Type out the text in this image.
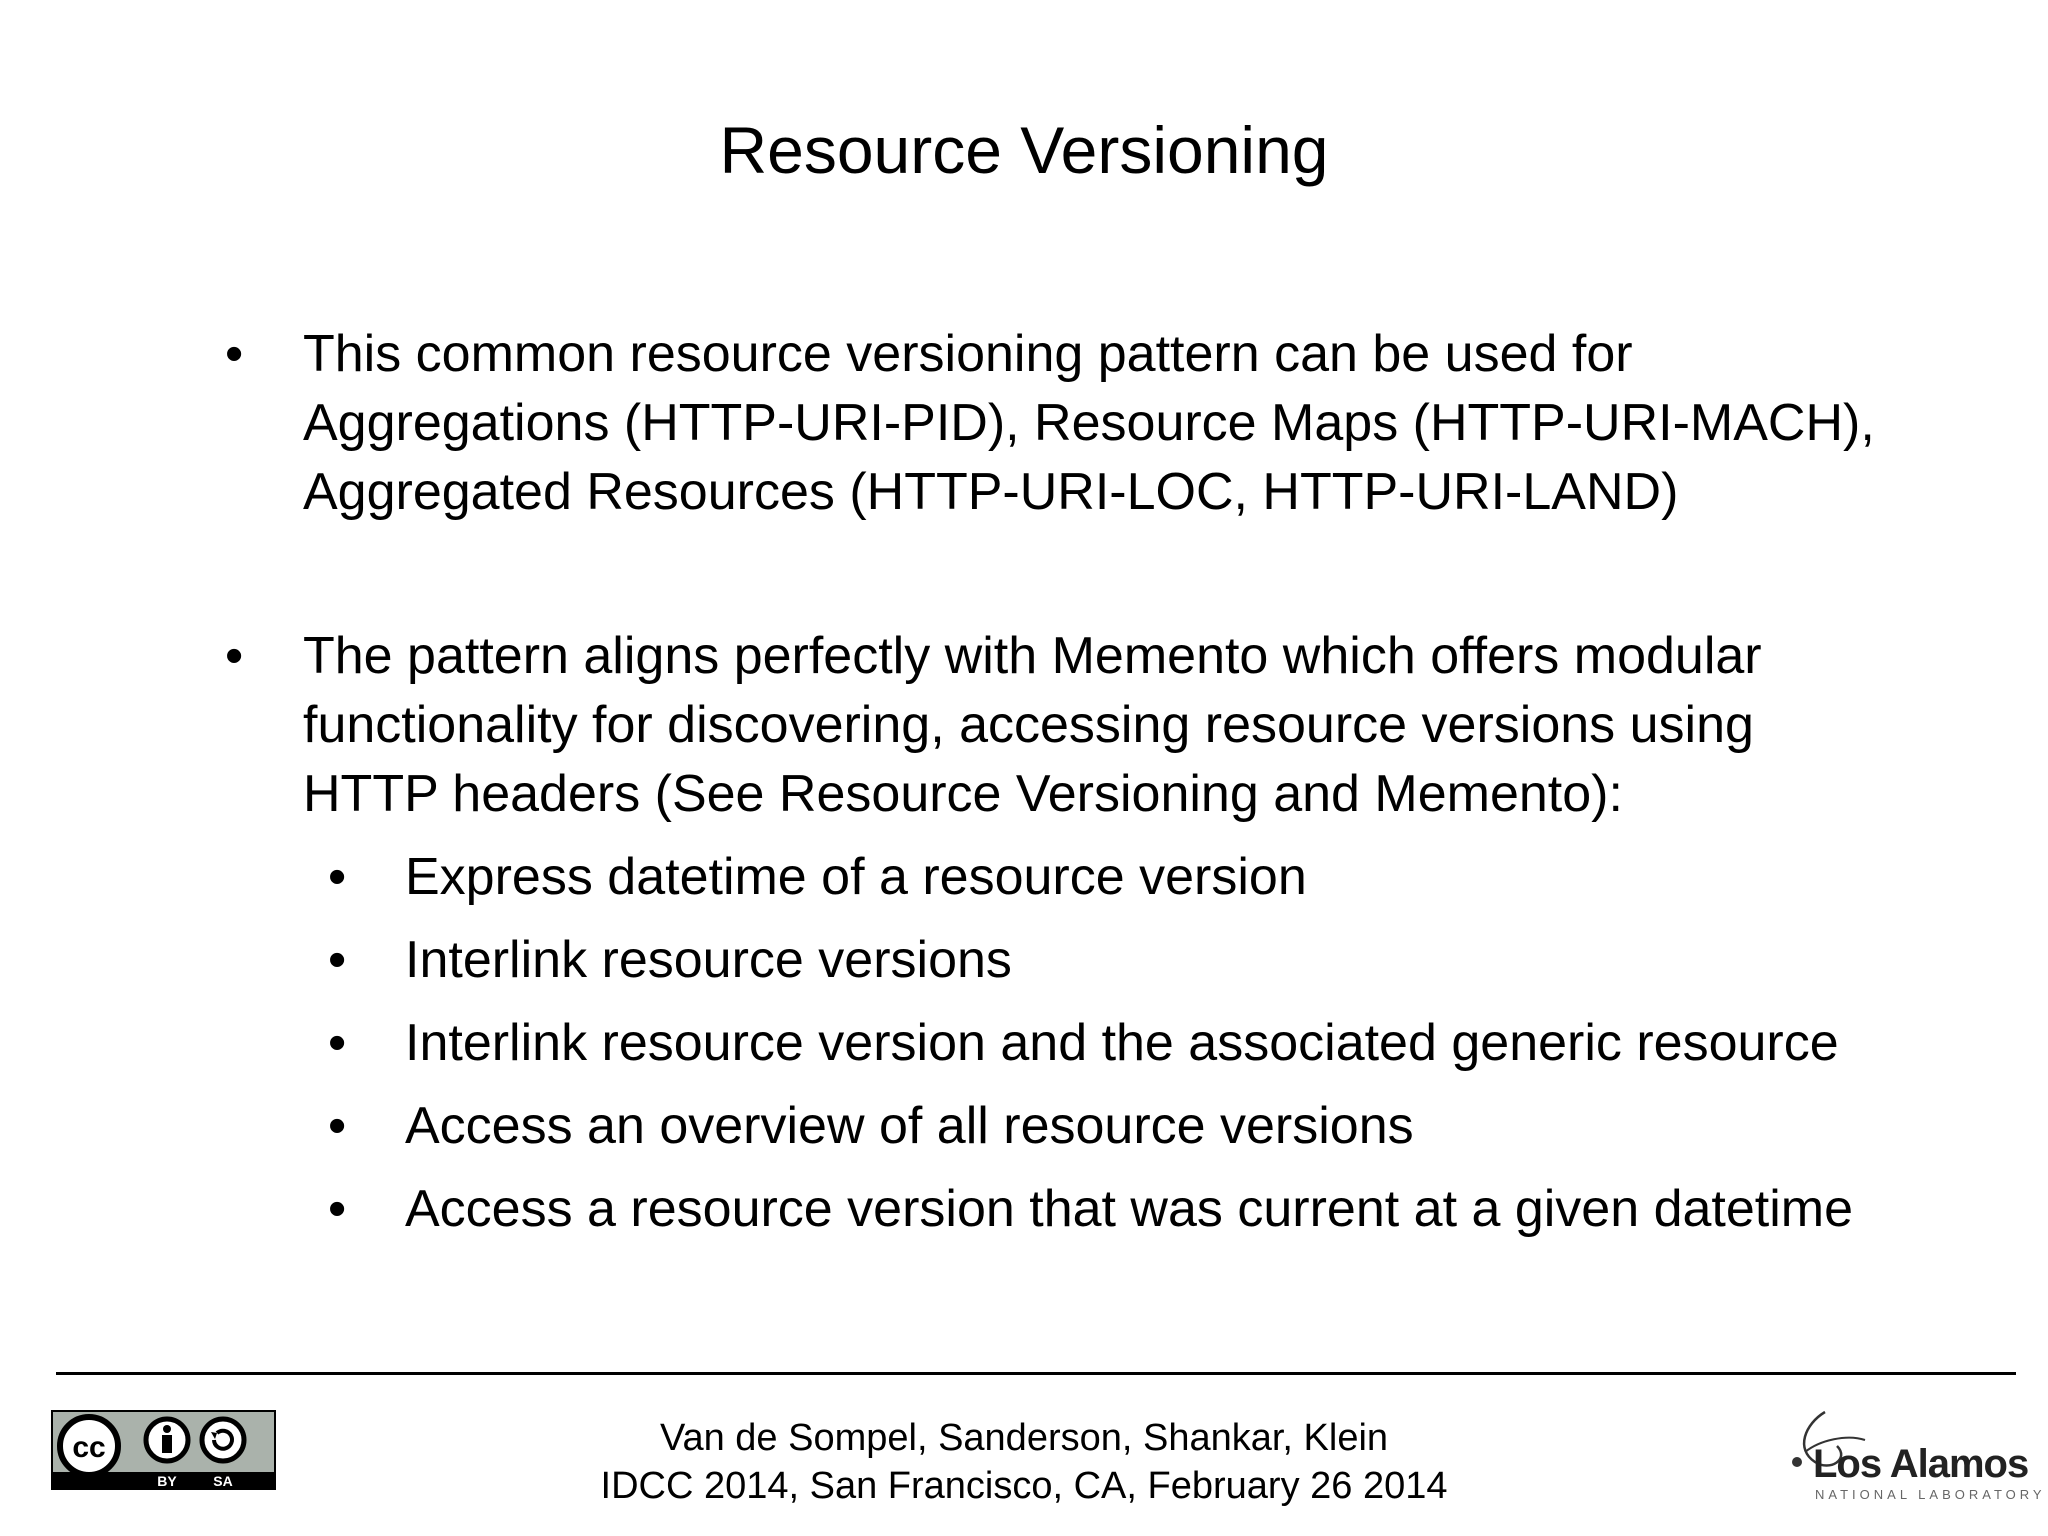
Resource Versioning
• This common resource versioning pattern can be used for
Aggregations (HTTP-URI-PID), Resource Maps (HTTP-URI-MACH),
Aggregated Resources (HTTP-URI-LOC, HTTP-URI-LAND)
• The pattern aligns perfectly with Memento which offers modular
functionality for discovering, accessing resource versions using
HTTP headers (See Resource Versioning and Memento):
• Express datetime of a resource version
• Interlink resource versions
• Interlink resource version and the associated generic resource
• Access an overview of all resource versions
• Access a resource version that was current at a given datetime
cc
BY	SA
Van de Sompel, Sanderson, Shankar, Klein
IDCC 2014, San Francisco, CA, February 26 2014	Los Alamos
NATIONAL LABORATORY
